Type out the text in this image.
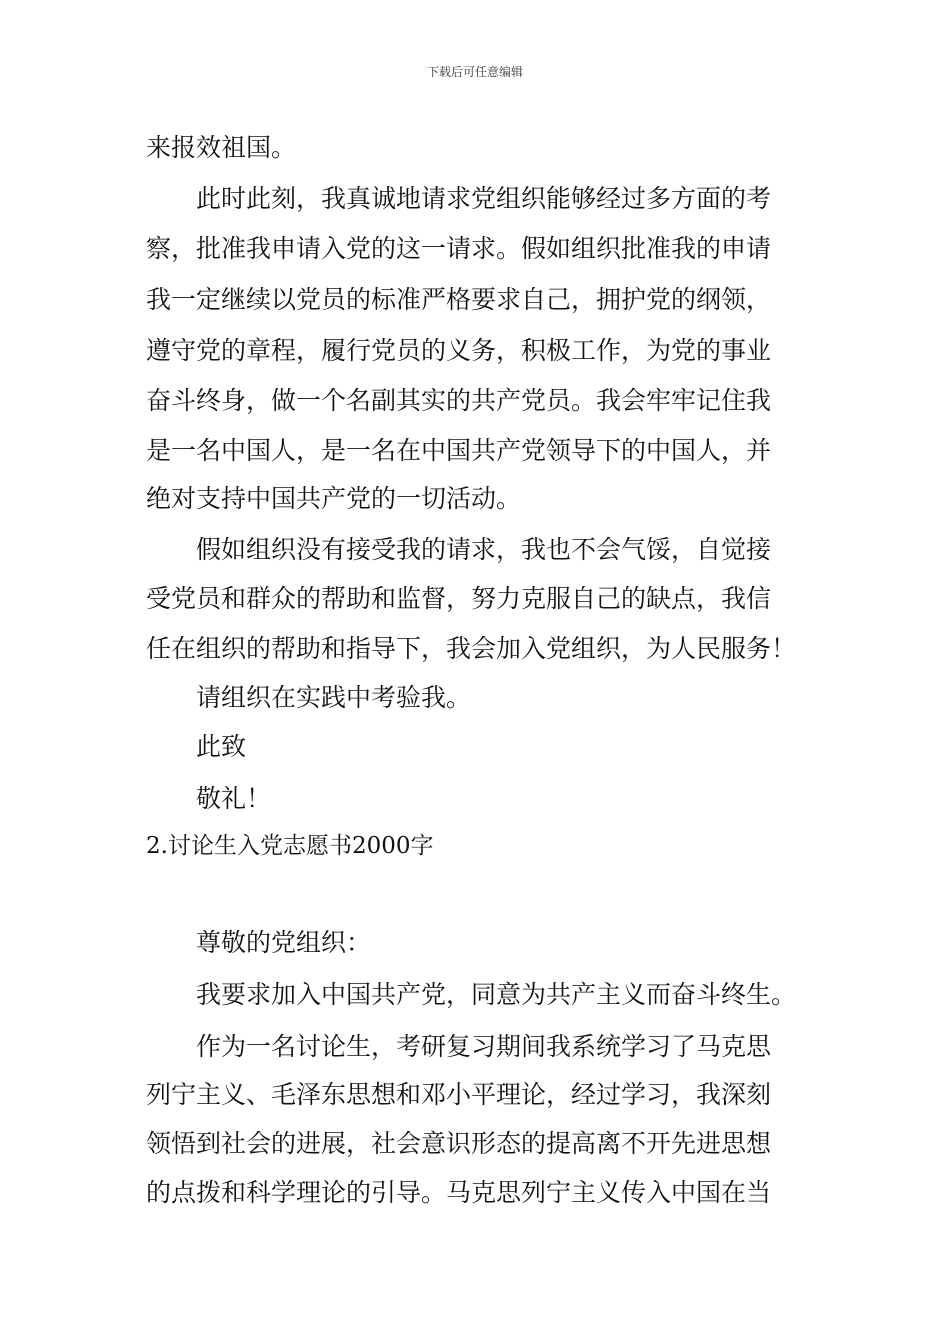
下载后可任意编辑
来报效祖国。
此时此刻，我真诚地请求党组织能够经过多方面的考
察，批准我申请入党的这一请求。假如组织批准我的申请
我一定继续以党员的标准严格要求自己，拥护党的纲领，
遵守党的章程，履行党员的义务，积极工作，为党的事业
奋斗终身，做一个名副其实的共产党员。我会牢牢记住我
是一名中国人，是一名在中国共产党领导下的中国人，并
绝对支持中国共产党的一切活动。
假如组织没有接受我的请求，我也不会气馁，自觉接
受党员和群众的帮助和监督，努力克服自己的缺点，我信
任在组织的帮助和指导下，我会加入党组织，为人民服务！
请组织在实践中考验我。
此致
敬礼！
2.讨论生入党志愿书2000字
尊敬的党组织：
我要求加入中国共产党，同意为共产主义而奋斗终生。
作为一名讨论生，考研复习期间我系统学习了马克思
列宁主义、毛泽东思想和邓小平理论，经过学习，我深刻
领悟到社会的进展，社会意识形态的提高离不开先进思想
的点拨和科学理论的引导。马克思列宁主义传入中国在当
